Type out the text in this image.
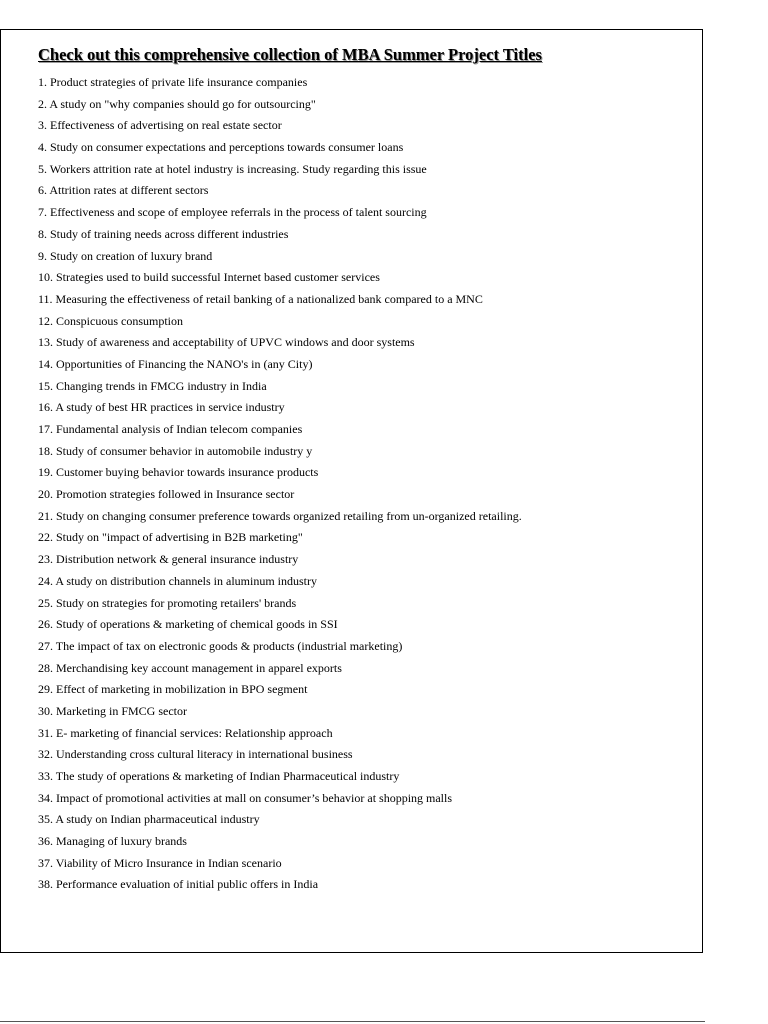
Check out this comprehensive collection of MBA Summer Project Titles
1. Product strategies of private life insurance companies
2. A study on "why companies should go for outsourcing"
3. Effectiveness of advertising on real estate sector
4. Study on consumer expectations and perceptions towards consumer loans
5. Workers attrition rate at hotel industry is increasing. Study regarding this issue
6. Attrition rates at different sectors
7. Effectiveness and scope of employee referrals in the process of talent sourcing
8. Study of training needs across different industries
9. Study on creation of luxury brand
10. Strategies used to build successful Internet based customer services
11. Measuring the effectiveness of retail banking of a nationalized bank compared to a MNC
12. Conspicuous consumption
13. Study of awareness and acceptability of UPVC windows and door systems
14. Opportunities of Financing the NANO's in (any City)
15. Changing trends in FMCG industry in India
16. A study of best HR practices in service industry
17. Fundamental analysis of Indian telecom companies
18. Study of consumer behavior in automobile industry y
19. Customer buying behavior towards insurance products
20. Promotion strategies followed in Insurance sector
21. Study on changing consumer preference towards organized retailing from un-organized retailing.
22. Study on "impact of advertising in B2B marketing"
23. Distribution network & general insurance industry
24. A study on distribution channels in aluminum industry
25. Study on strategies for promoting retailers' brands
26. Study of operations & marketing of chemical goods in SSI
27. The impact of tax on electronic goods & products (industrial marketing)
28. Merchandising key account management in apparel exports
29. Effect of marketing in mobilization in BPO segment
30. Marketing in FMCG sector
31. E- marketing of financial services: Relationship approach
32. Understanding cross cultural literacy in international business
33. The study of operations & marketing of Indian Pharmaceutical industry
34. Impact of promotional activities at mall on consumer’s behavior at shopping malls
35. A study on Indian pharmaceutical industry
36. Managing of luxury brands
37. Viability of Micro Insurance in Indian scenario
38. Performance evaluation of initial public offers in India
